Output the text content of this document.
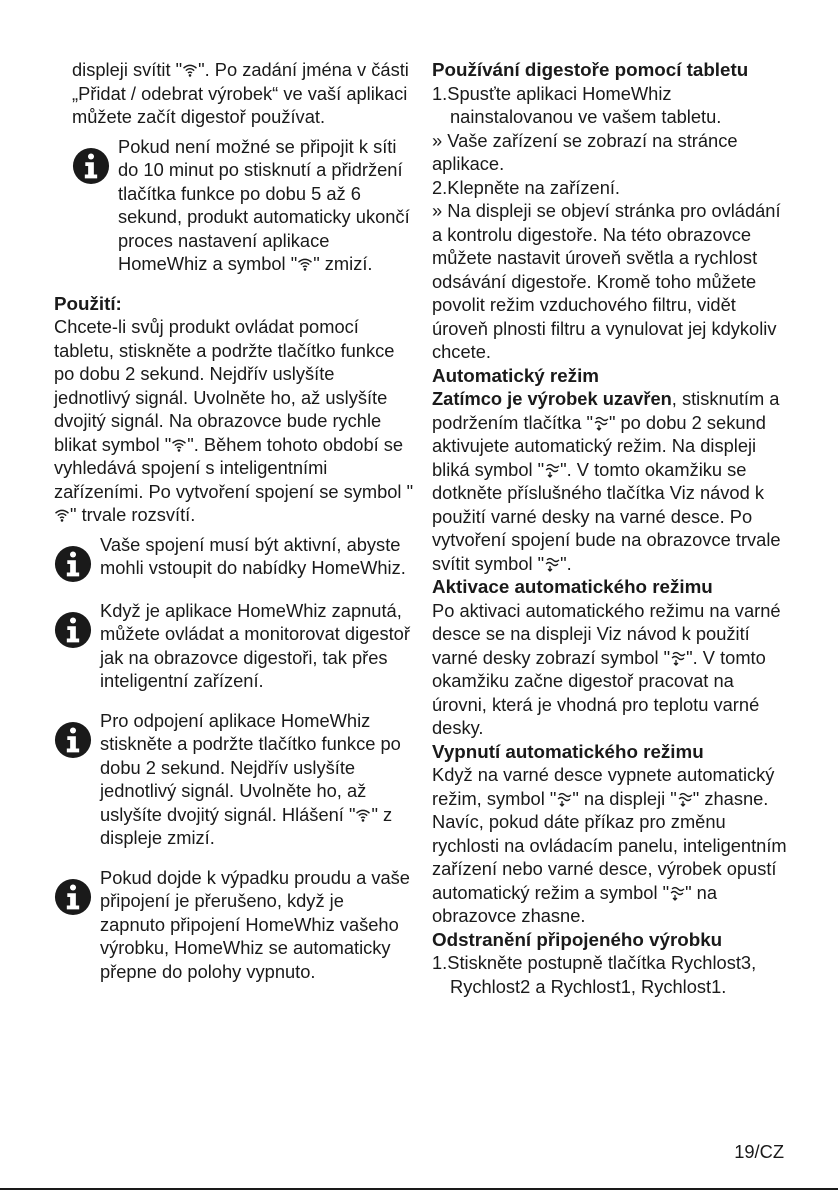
displeji svítit " ". Po zadání jména v části „Přidat / odebrat výrobek“ ve vaší aplikaci můžete začít digestoř používat.
Pokud není možné se připojit k síti do 10 minut po stisknutí a přidržení tlačítka funkce po dobu 5 až 6 sekund, produkt automaticky ukončí proces nastavení aplikace HomeWhiz a symbol " " zmizí.

Použití:

Chcete-li svůj produkt ovládat pomocí tabletu, stiskněte a podržte tlačítko funkce po dobu 2 sekund. Nejdřív uslyšíte jednotlivý signál. Uvolněte ho, až uslyšíte dvojitý signál. Na obrazovce bude rychle blikat symbol " ". Během tohoto období se vyhledává spojení s inteligentními zařízeními. Po vytvoření spojení se symbol "" trvale rozsvítí.

Vaše spojení musí být aktivní, abyste mohli vstoupit do nabídky HomeWhiz.
Když je aplikace HomeWhiz zapnutá, můžete ovládat a monitorovat digestoř jak na obrazovce digestoři, tak přes inteligentní zařízení.
Pro odpojení aplikace HomeWhiz stiskněte a podržte tlačítko funkce po dobu 2 sekund. Nejdřív uslyšíte jednotlivý signál. Uvolněte ho, až uslyšíte dvojitý signál. Hlášení " " z displeje zmizí.
Pokud dojde k výpadku proudu a vaše připojení je přerušeno, když je zapnuto připojení HomeWhiz vašeho výrobku, HomeWhiz se automaticky přepne do polohy vypnuto.

Používání digestoře pomocí tabletu

1.Spusťte aplikaci HomeWhiz nainstalovanou ve vašem tabletu.

» Vaše zařízení se zobrazí na stránce aplikace.

2.Klepněte na zařízení.

» Na displeji se objeví stránka pro ovládání a kontrolu digestoře. Na této obrazovce můžete nastavit úroveň světla a rychlost odsávání digestoře. Kromě toho můžete povolit režim vzduchového filtru, vidět úroveň plnosti filtru a vynulovat jej kdykoliv chcete.

Automatický režim

Zatímco je výrobek uzavřen, stisknutím a podržením tlačítka " " po dobu 2 sekund aktivujete automatický režim. Na displeji bliká symbol " ". V tomto okamžiku se dotkněte příslušného tlačítka Viz návod k použití varné desky na varné desce. Po vytvoření spojení bude na obrazovce trvale svítit symbol " ".

Aktivace automatického režimu

Po aktivaci automatického režimu na varné desce se na displeji Viz návod k použití varné desky zobrazí symbol " ". V tomto okamžiku začne digestoř pracovat na úrovni, která je vhodná pro teplotu varné desky.

Vypnutí automatického režimu

Když na varné desce vypnete automatický režim, symbol " " na displeji " " zhasne. Navíc, pokud dáte příkaz pro změnu rychlosti na ovládacím panelu, inteligentním zařízení nebo varné desce, výrobek opustí automatický režim a symbol " " na obrazovce zhasne.

Odstranění připojeného výrobku

1.Stiskněte postupně tlačítka Rychlost3, Rychlost2 a Rychlost1, Rychlost1.

19/CZ
